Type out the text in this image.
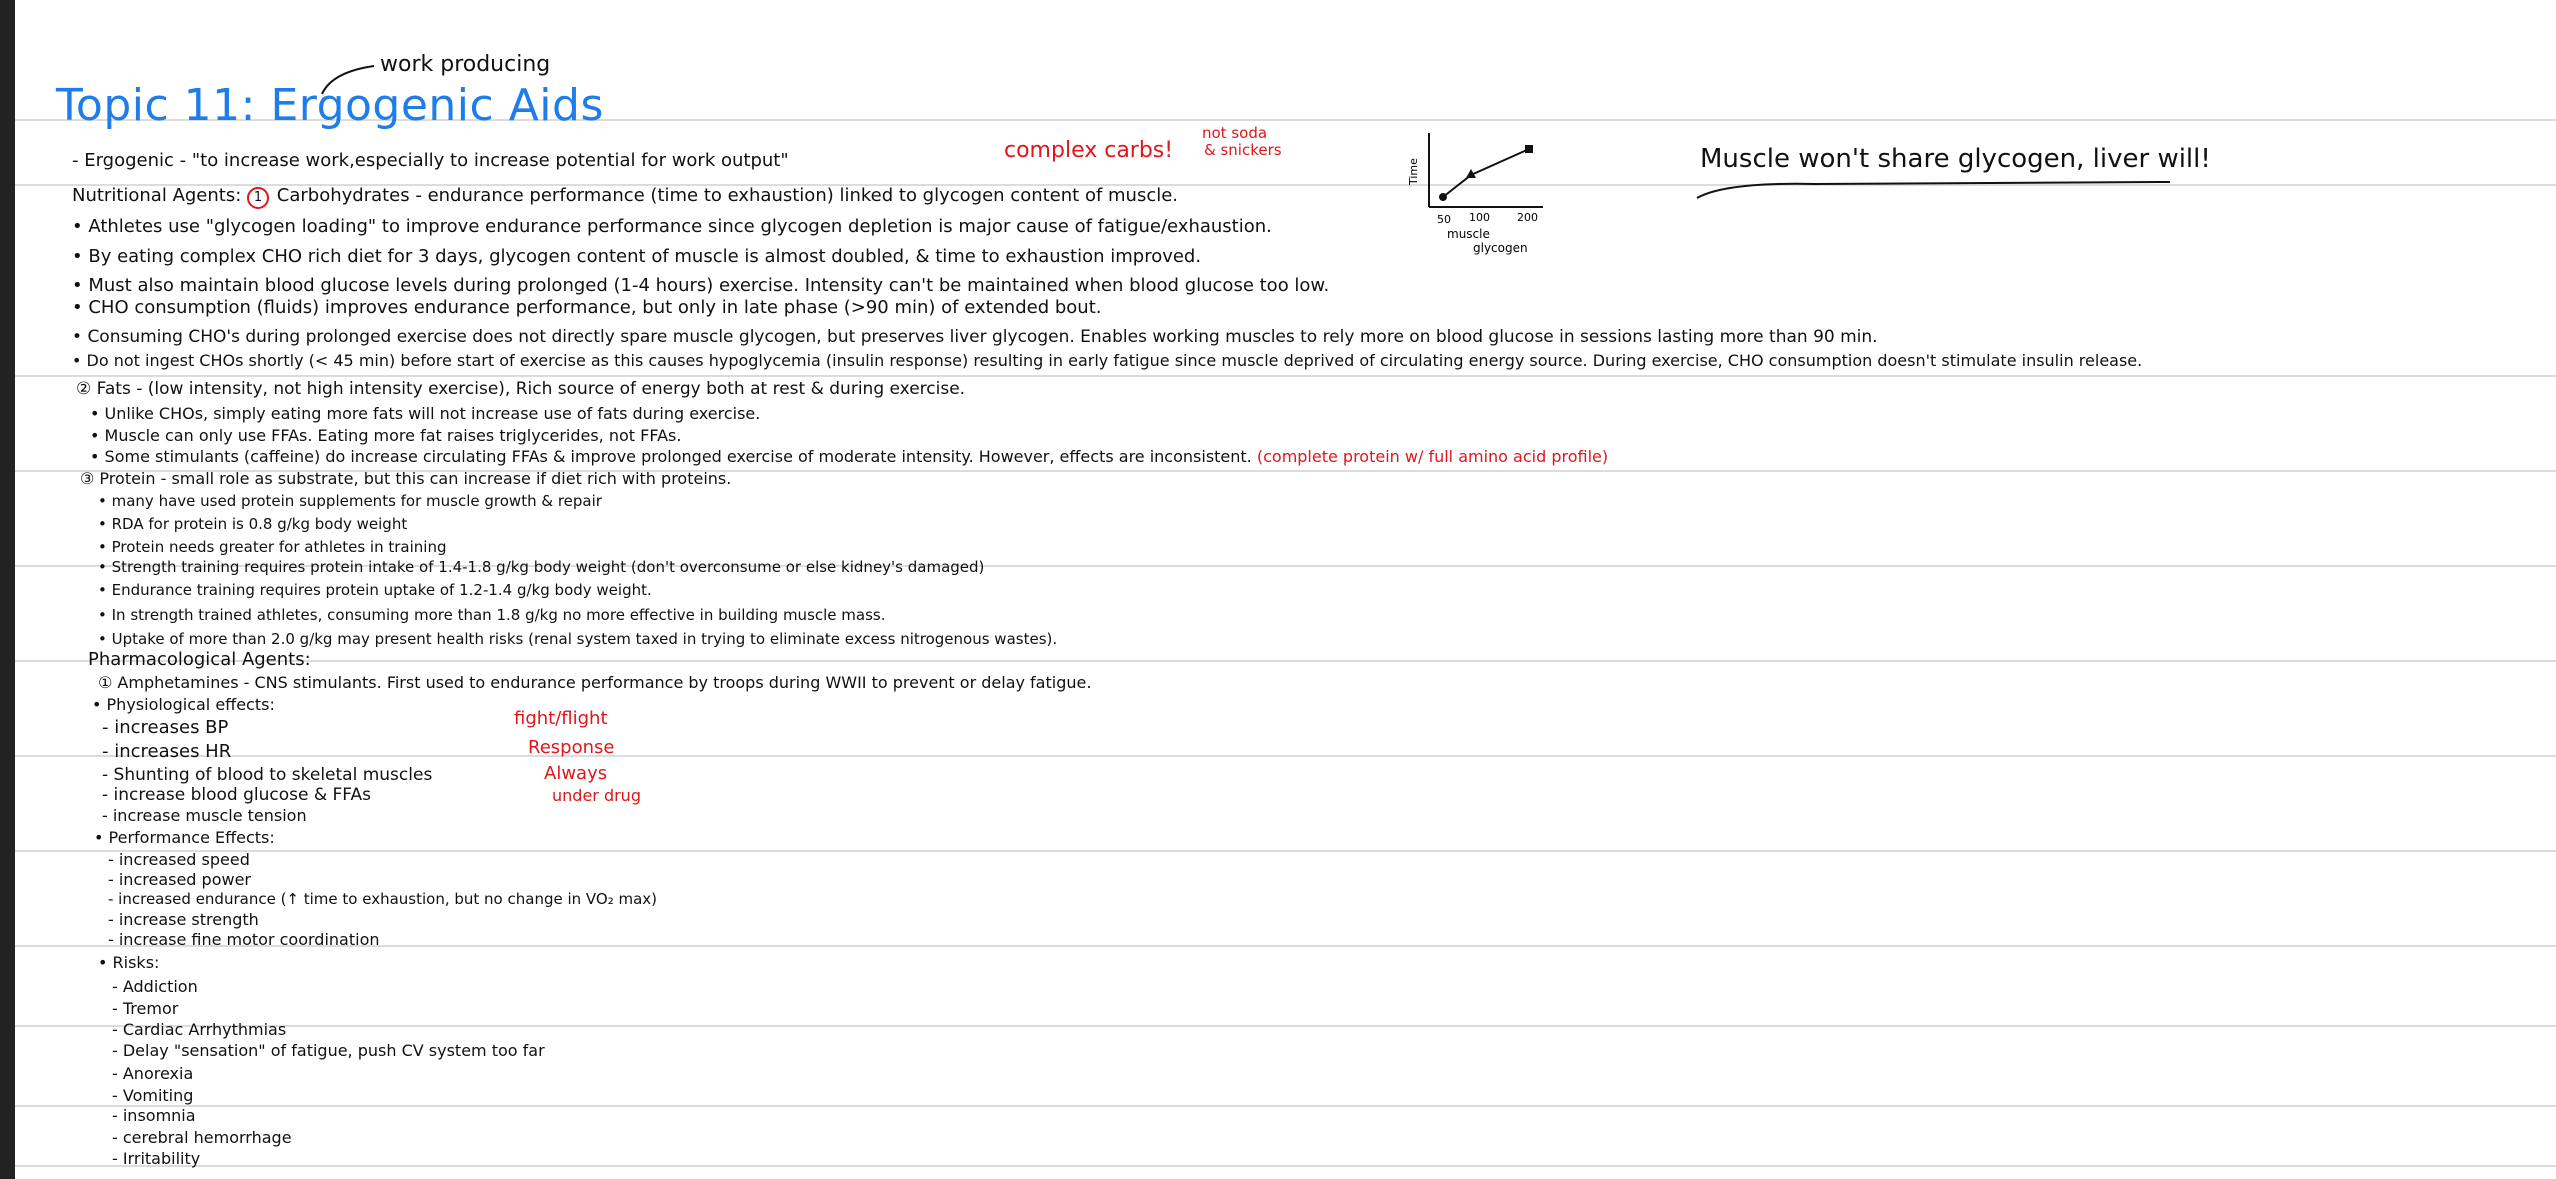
Topic 11: Ergogenic Aids
work producing
- Ergogenic - "to increase work,especially to increase potential for work output"	complex carbs!
not soda
& snickers
Time
50 100 200
muscle
glycogen
Muscle won't share glycogen, liver will!
Nutritional Agents: 1 Carbohydrates - endurance performance (time to exhaustion) linked to glycogen content of muscle.
• Athletes use "glycogen loading" to improve endurance performance since glycogen depletion is major cause of fatigue/exhaustion.
• By eating complex CHO rich diet for 3 days, glycogen content of muscle is almost doubled, & time to exhaustion improved.
• Must also maintain blood glucose levels during prolonged (1-4 hours) exercise. Intensity can't be maintained when blood glucose too low.
• CHO consumption (fluids) improves endurance performance, but only in late phase (>90 min) of extended bout.
• Consuming CHO's during prolonged exercise does not directly spare muscle glycogen, but preserves liver glycogen. Enables working muscles to rely more on blood glucose in sessions lasting more than 90 min.
• Do not ingest CHOs shortly (< 45 min) before start of exercise as this causes hypoglycemia (insulin response) resulting in early fatigue since muscle deprived of circulating energy source. During exercise, CHO consumption doesn't stimulate insulin release.
② Fats - (low intensity, not high intensity exercise), Rich source of energy both at rest & during exercise.
• Unlike CHOs, simply eating more fats will not increase use of fats during exercise.
• Muscle can only use FFAs. Eating more fat raises triglycerides, not FFAs.
• Some stimulants (caffeine) do increase circulating FFAs & improve prolonged exercise of moderate intensity. However, effects are inconsistent. (complete protein w/ full amino acid profile)
③ Protein - small role as substrate, but this can increase if diet rich with proteins.
• many have used protein supplements for muscle growth & repair
• RDA for protein is 0.8 g/kg body weight
• Protein needs greater for athletes in training
• Strength training requires protein intake of 1.4-1.8 g/kg body weight (don't overconsume or else kidney's damaged)
• Endurance training requires protein uptake of 1.2-1.4 g/kg body weight.
• In strength trained athletes, consuming more than 1.8 g/kg no more effective in building muscle mass.
• Uptake of more than 2.0 g/kg may present health risks (renal system taxed in trying to eliminate excess nitrogenous wastes).
Pharmacological Agents:
① Amphetamines - CNS stimulants. First used to endurance performance by troops during WWII to prevent or delay fatigue.
• Physiological effects:
- increases BP
- increases HR
- Shunting of blood to skeletal muscles
- increase blood glucose & FFAs
- increase muscle tension
fight/flight
Response
Always
under drug
• Performance Effects:
- increased speed
- increased power
- increased endurance (↑ time to exhaustion, but no change in VO₂ max)
- increase strength
- increase fine motor coordination
• Risks:
- Addiction
- Tremor
- Cardiac Arrhythmias
- Delay "sensation" of fatigue, push CV system too far
- Anorexia
- Vomiting
- insomnia
- cerebral hemorrhage
- Irritability
